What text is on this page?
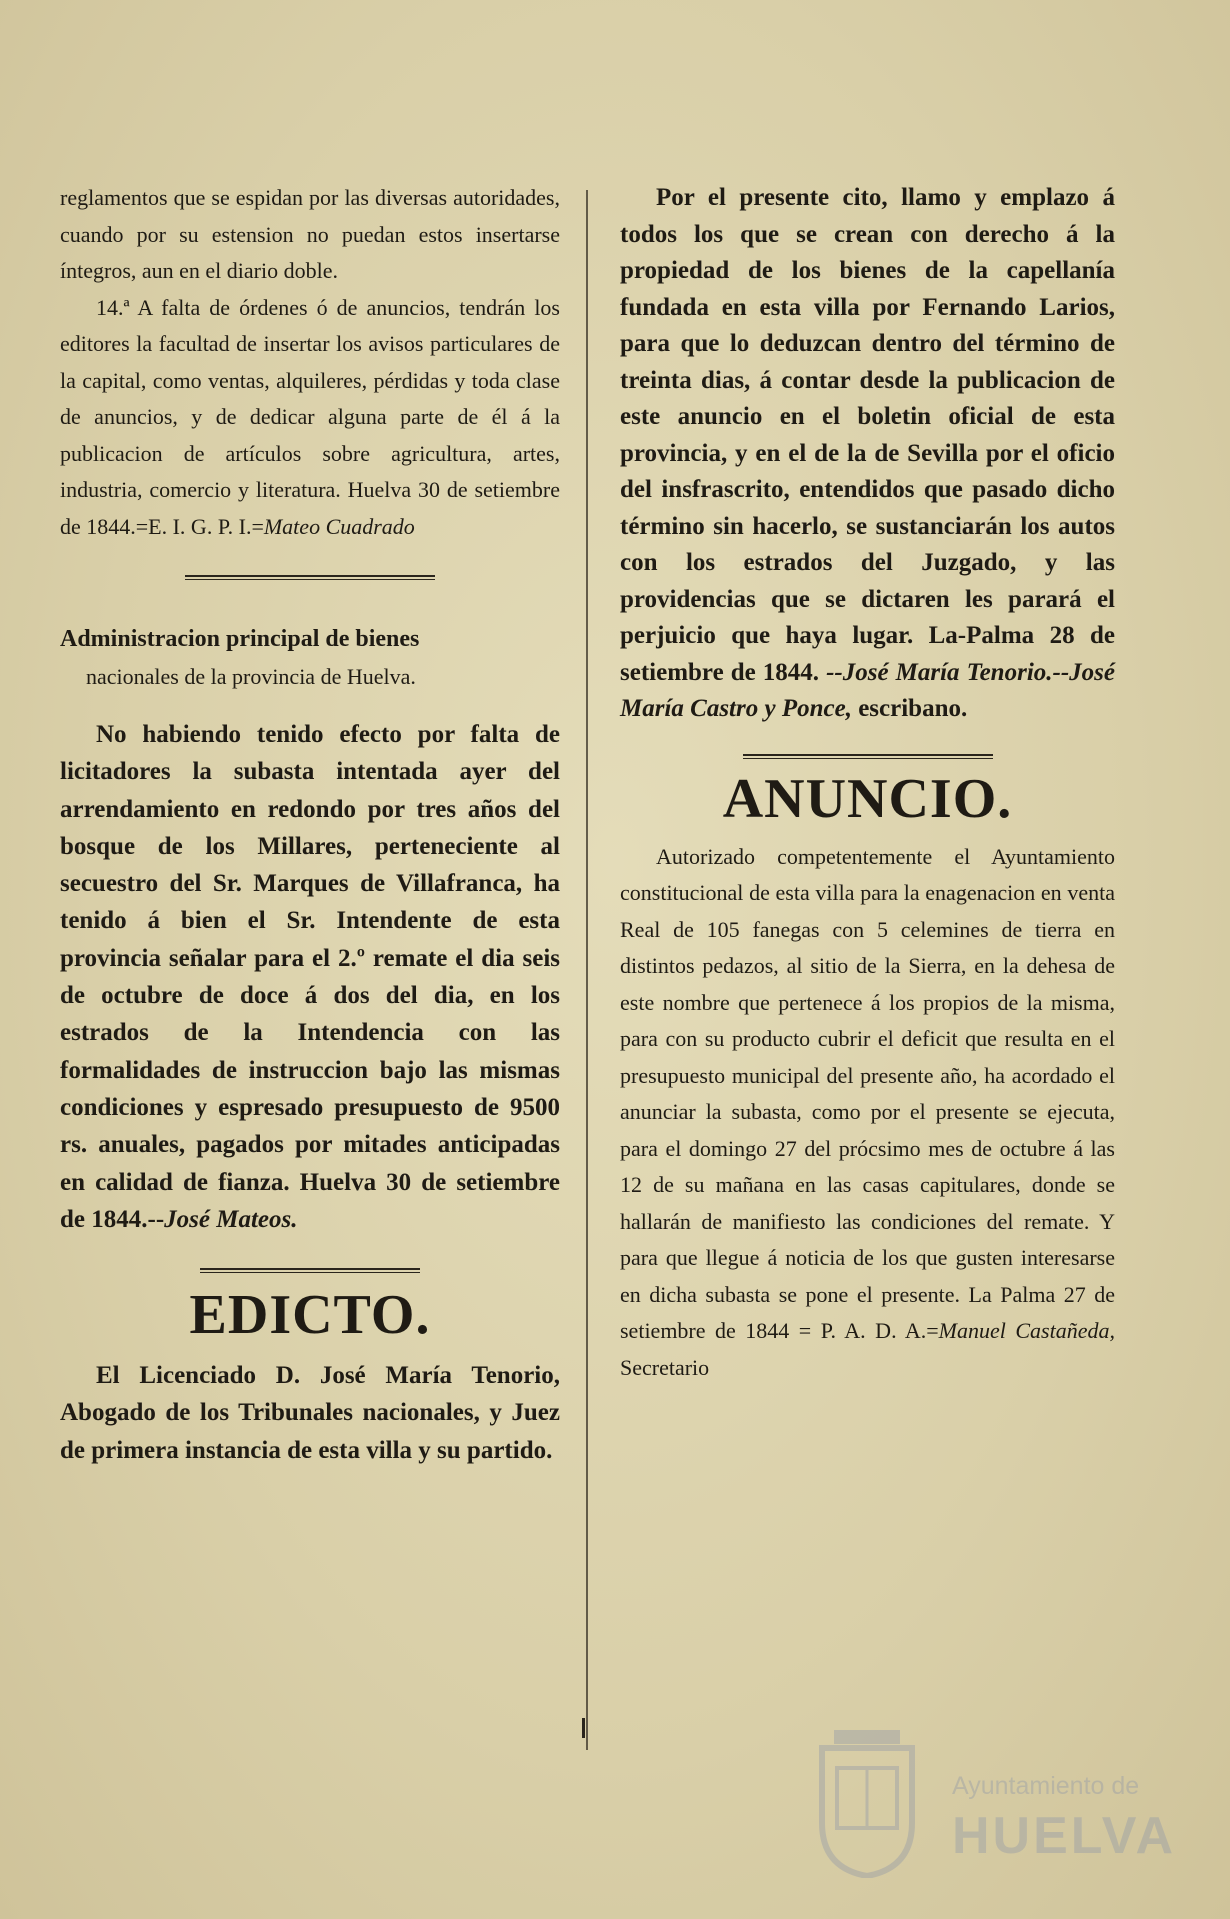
reglamentos que se espidan por las diversas autoridades, cuando por su estension no puedan estos insertarse íntegros, aun en el diario doble.

14.ª A falta de órdenes ó de anuncios, tendrán los editores la facultad de insertar los avisos particulares de la capital, como ventas, alquileres, pérdidas y toda clase de anuncios, y de dedicar alguna parte de él á la publicacion de artículos sobre agricultura, artes, industria, comercio y literatura. Huelva 30 de setiembre de 1844.=E. I. G. P. I.=Mateo Cuadrado

Administracion principal de bienes
nacionales de la provincia de Huelva.

No habiendo tenido efecto por falta de licitadores la subasta intentada ayer del arrendamiento en redondo por tres años del bosque de los Millares, perteneciente al secuestro del Sr. Marques de Villafranca, ha tenido á bien el Sr. Intendente de esta provincia señalar para el 2.º remate el dia seis de octubre de doce á dos del dia, en los estrados de la Intendencia con las formalidades de instruccion bajo las mismas condiciones y espresado presupuesto de 9500 rs. anuales, pagados por mitades anticipadas en calidad de fianza. Huelva 30 de setiembre de 1844.--José Mateos.

EDICTO.

El Licenciado D. José María Tenorio, Abogado de los Tribunales nacionales, y Juez de primera instancia de esta villa y su partido.

Por el presente cito, llamo y emplazo á todos los que se crean con derecho á la propiedad de los bienes de la capellanía fundada en esta villa por Fernando Larios, para que lo deduzcan dentro del término de treinta dias, á contar desde la publicacion de este anuncio en el boletin oficial de esta provincia, y en el de la de Sevilla por el oficio del insfrascrito, entendidos que pasado dicho término sin hacerlo, se sustanciarán los autos con los estrados del Juzgado, y las providencias que se dictaren les parará el perjuicio que haya lugar. La-Palma 28 de setiembre de 1844. --José María Tenorio.--José María Castro y Ponce, escribano.

ANUNCIO.

Autorizado competentemente el Ayuntamiento constitucional de esta villa para la enagenacion en venta Real de 105 fanegas con 5 celemines de tierra en distintos pedazos, al sitio de la Sierra, en la dehesa de este nombre que pertenece á los propios de la misma, para con su producto cubrir el deficit que resulta en el presupuesto municipal del presente año, ha acordado el anunciar la subasta, como por el presente se ejecuta, para el domingo 27 del prócsimo mes de octubre á las 12 de su mañana en las casas capitulares, donde se hallarán de manifiesto las condiciones del remate. Y para que llegue á noticia de los que gusten interesarse en dicha subasta se pone el presente. La Palma 27 de setiembre de 1844 = P. A. D. A.=Manuel Castañeda, Secretario

Ayuntamiento de
HUELVA
